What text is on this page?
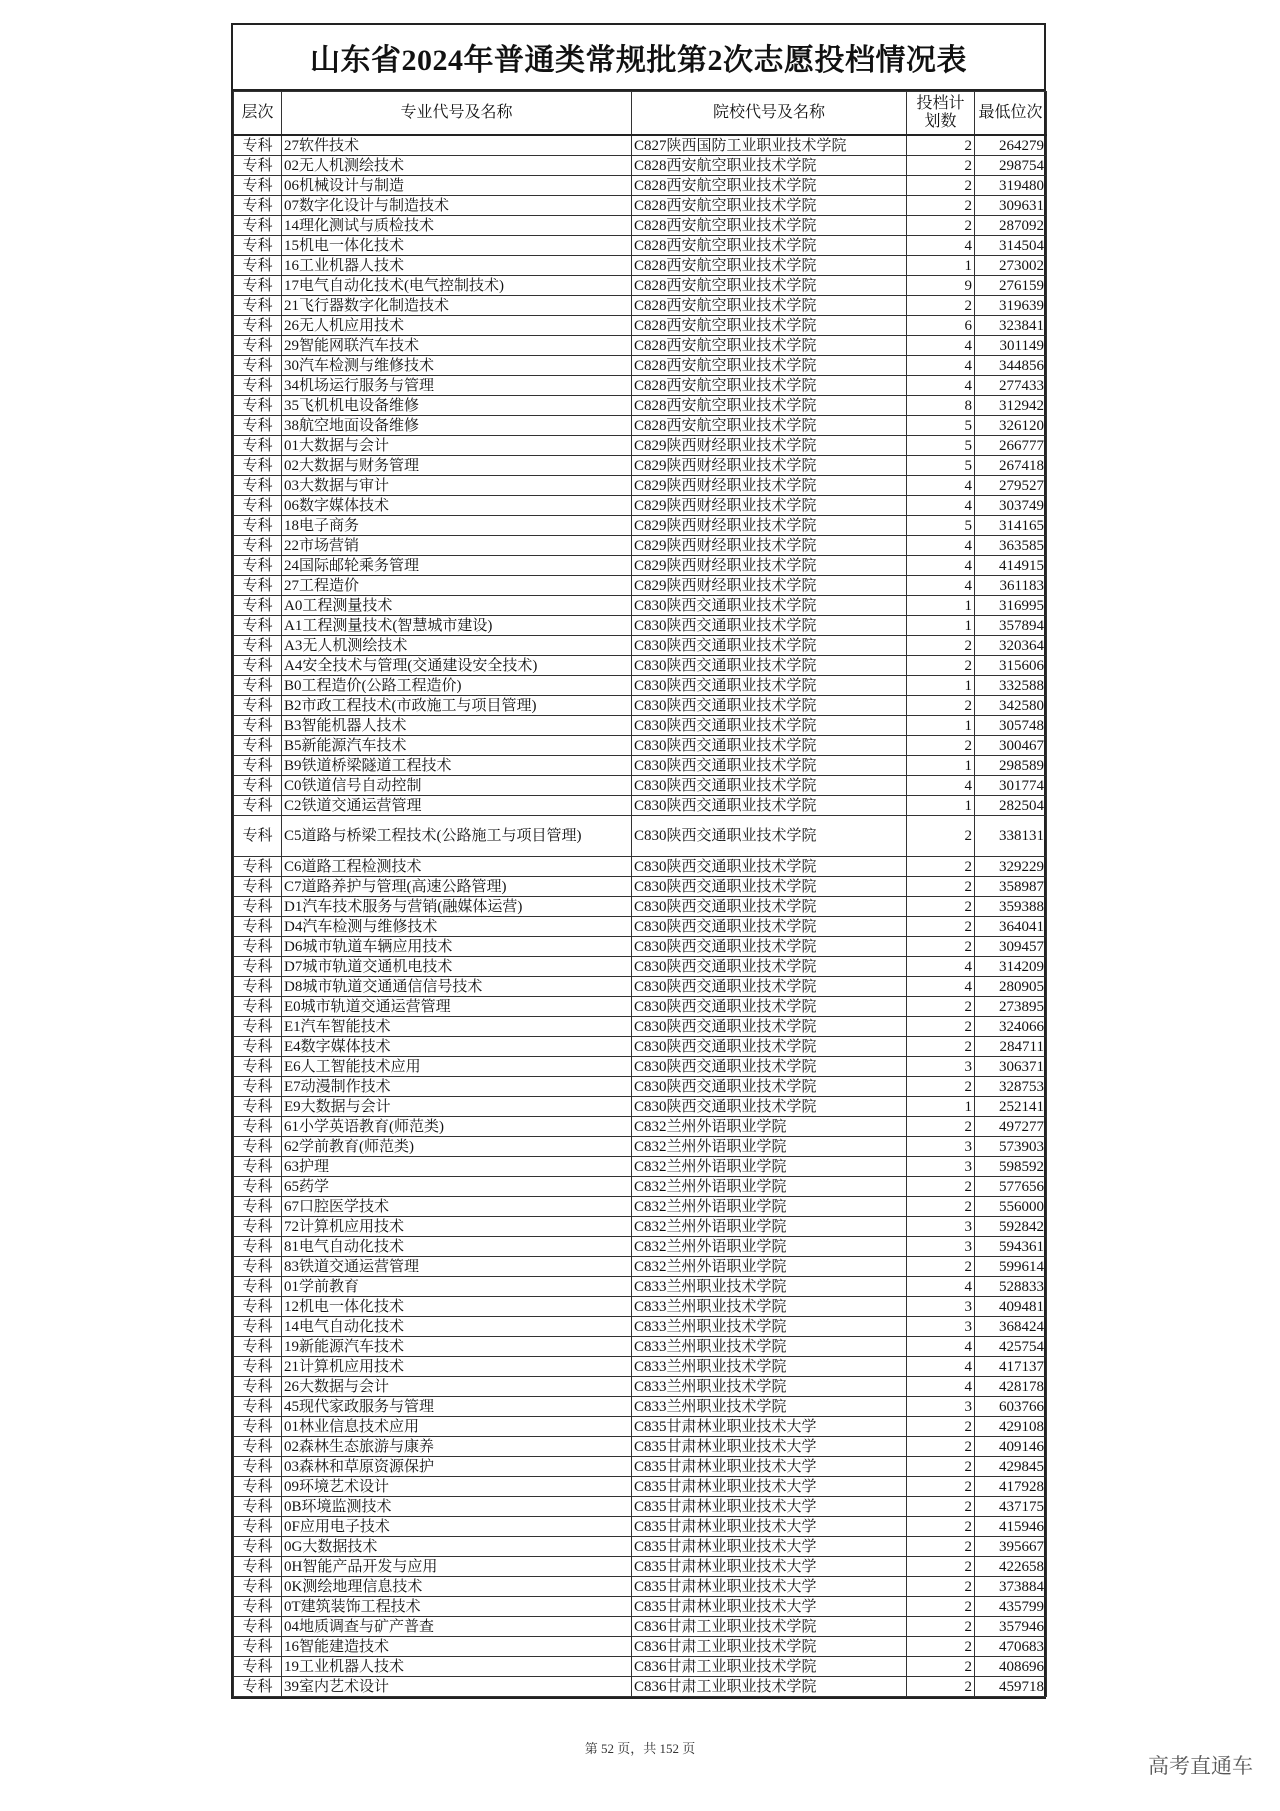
山东省2024年普通类常规批第2次志愿投档情况表
层次	专业代号及名称	院校代号及名称	投档计划数	最低位次
专科	27软件技术	C827陕西国防工业职业技术学院	2	264279
专科	02无人机测绘技术	C828西安航空职业技术学院	2	298754
专科	06机械设计与制造	C828西安航空职业技术学院	2	319480
专科	07数字化设计与制造技术	C828西安航空职业技术学院	2	309631
专科	14理化测试与质检技术	C828西安航空职业技术学院	2	287092
专科	15机电一体化技术	C828西安航空职业技术学院	4	314504
专科	16工业机器人技术	C828西安航空职业技术学院	1	273002
专科	17电气自动化技术(电气控制技术)	C828西安航空职业技术学院	9	276159
专科	21飞行器数字化制造技术	C828西安航空职业技术学院	2	319639
专科	26无人机应用技术	C828西安航空职业技术学院	6	323841
专科	29智能网联汽车技术	C828西安航空职业技术学院	4	301149
专科	30汽车检测与维修技术	C828西安航空职业技术学院	4	344856
专科	34机场运行服务与管理	C828西安航空职业技术学院	4	277433
专科	35飞机机电设备维修	C828西安航空职业技术学院	8	312942
专科	38航空地面设备维修	C828西安航空职业技术学院	5	326120
专科	01大数据与会计	C829陕西财经职业技术学院	5	266777
专科	02大数据与财务管理	C829陕西财经职业技术学院	5	267418
专科	03大数据与审计	C829陕西财经职业技术学院	4	279527
专科	06数字媒体技术	C829陕西财经职业技术学院	4	303749
专科	18电子商务	C829陕西财经职业技术学院	5	314165
专科	22市场营销	C829陕西财经职业技术学院	4	363585
专科	24国际邮轮乘务管理	C829陕西财经职业技术学院	4	414915
专科	27工程造价	C829陕西财经职业技术学院	4	361183
专科	A0工程测量技术	C830陕西交通职业技术学院	1	316995
专科	A1工程测量技术(智慧城市建设)	C830陕西交通职业技术学院	1	357894
专科	A3无人机测绘技术	C830陕西交通职业技术学院	2	320364
专科	A4安全技术与管理(交通建设安全技术)	C830陕西交通职业技术学院	2	315606
专科	B0工程造价(公路工程造价)	C830陕西交通职业技术学院	1	332588
专科	B2市政工程技术(市政施工与项目管理)	C830陕西交通职业技术学院	2	342580
专科	B3智能机器人技术	C830陕西交通职业技术学院	1	305748
专科	B5新能源汽车技术	C830陕西交通职业技术学院	2	300467
专科	B9铁道桥梁隧道工程技术	C830陕西交通职业技术学院	1	298589
专科	C0铁道信号自动控制	C830陕西交通职业技术学院	4	301774
专科	C2铁道交通运营管理	C830陕西交通职业技术学院	1	282504
专科	C5道路与桥梁工程技术(公路施工与项目管理)	C830陕西交通职业技术学院	2	338131
专科	C6道路工程检测技术	C830陕西交通职业技术学院	2	329229
专科	C7道路养护与管理(高速公路管理)	C830陕西交通职业技术学院	2	358987
专科	D1汽车技术服务与营销(融媒体运营)	C830陕西交通职业技术学院	2	359388
专科	D4汽车检测与维修技术	C830陕西交通职业技术学院	2	364041
专科	D6城市轨道车辆应用技术	C830陕西交通职业技术学院	2	309457
专科	D7城市轨道交通机电技术	C830陕西交通职业技术学院	4	314209
专科	D8城市轨道交通通信信号技术	C830陕西交通职业技术学院	4	280905
专科	E0城市轨道交通运营管理	C830陕西交通职业技术学院	2	273895
专科	E1汽车智能技术	C830陕西交通职业技术学院	2	324066
专科	E4数字媒体技术	C830陕西交通职业技术学院	2	284711
专科	E6人工智能技术应用	C830陕西交通职业技术学院	3	306371
专科	E7动漫制作技术	C830陕西交通职业技术学院	2	328753
专科	E9大数据与会计	C830陕西交通职业技术学院	1	252141
专科	61小学英语教育(师范类)	C832兰州外语职业学院	2	497277
专科	62学前教育(师范类)	C832兰州外语职业学院	3	573903
专科	63护理	C832兰州外语职业学院	3	598592
专科	65药学	C832兰州外语职业学院	2	577656
专科	67口腔医学技术	C832兰州外语职业学院	2	556000
专科	72计算机应用技术	C832兰州外语职业学院	3	592842
专科	81电气自动化技术	C832兰州外语职业学院	3	594361
专科	83铁道交通运营管理	C832兰州外语职业学院	2	599614
专科	01学前教育	C833兰州职业技术学院	4	528833
专科	12机电一体化技术	C833兰州职业技术学院	3	409481
专科	14电气自动化技术	C833兰州职业技术学院	3	368424
专科	19新能源汽车技术	C833兰州职业技术学院	4	425754
专科	21计算机应用技术	C833兰州职业技术学院	4	417137
专科	26大数据与会计	C833兰州职业技术学院	4	428178
专科	45现代家政服务与管理	C833兰州职业技术学院	3	603766
专科	01林业信息技术应用	C835甘肃林业职业技术大学	2	429108
专科	02森林生态旅游与康养	C835甘肃林业职业技术大学	2	409146
专科	03森林和草原资源保护	C835甘肃林业职业技术大学	2	429845
专科	09环境艺术设计	C835甘肃林业职业技术大学	2	417928
专科	0B环境监测技术	C835甘肃林业职业技术大学	2	437175
专科	0F应用电子技术	C835甘肃林业职业技术大学	2	415946
专科	0G大数据技术	C835甘肃林业职业技术大学	2	395667
专科	0H智能产品开发与应用	C835甘肃林业职业技术大学	2	422658
专科	0K测绘地理信息技术	C835甘肃林业职业技术大学	2	373884
专科	0T建筑装饰工程技术	C835甘肃林业职业技术大学	2	435799
专科	04地质调查与矿产普查	C836甘肃工业职业技术学院	2	357946
专科	16智能建造技术	C836甘肃工业职业技术学院	2	470683
专科	19工业机器人技术	C836甘肃工业职业技术学院	2	408696
专科	39室内艺术设计	C836甘肃工业职业技术学院	2	459718
第 52 页，共 152 页
高考直通车
